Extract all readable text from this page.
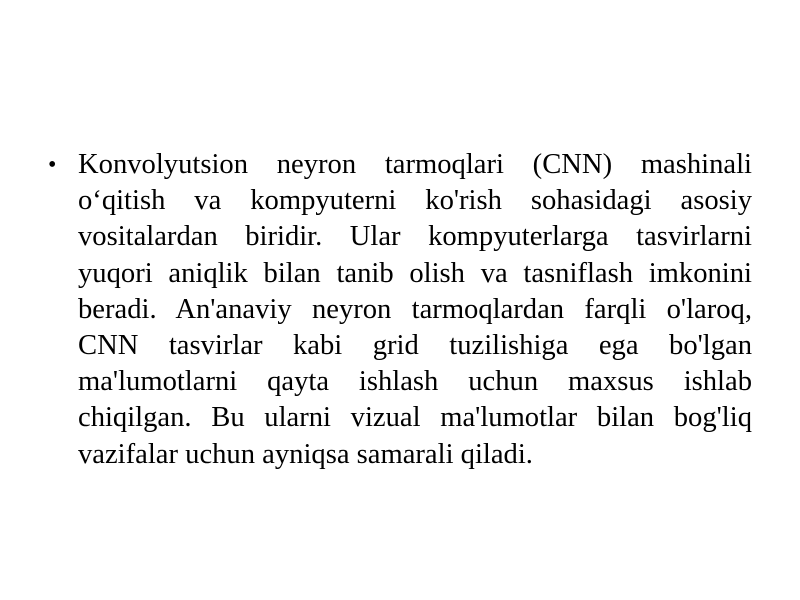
• Konvolyutsion neyron tarmoqlari (CNN) mashinali o‘qitish va kompyuterni ko'rish sohasidagi asosiy vositalardan biridir. Ular kompyuterlarga tasvirlarni yuqori aniqlik bilan tanib olish va tasniflash imkonini beradi. An'anaviy neyron tarmoqlardan farqli o'laroq, CNN tasvirlar kabi grid tuzilishiga ega bo'lgan ma'lumotlarni qayta ishlash uchun maxsus ishlab chiqilgan. Bu ularni vizual ma'lumotlar bilan bog'liq vazifalar uchun ayniqsa samarali qiladi.
